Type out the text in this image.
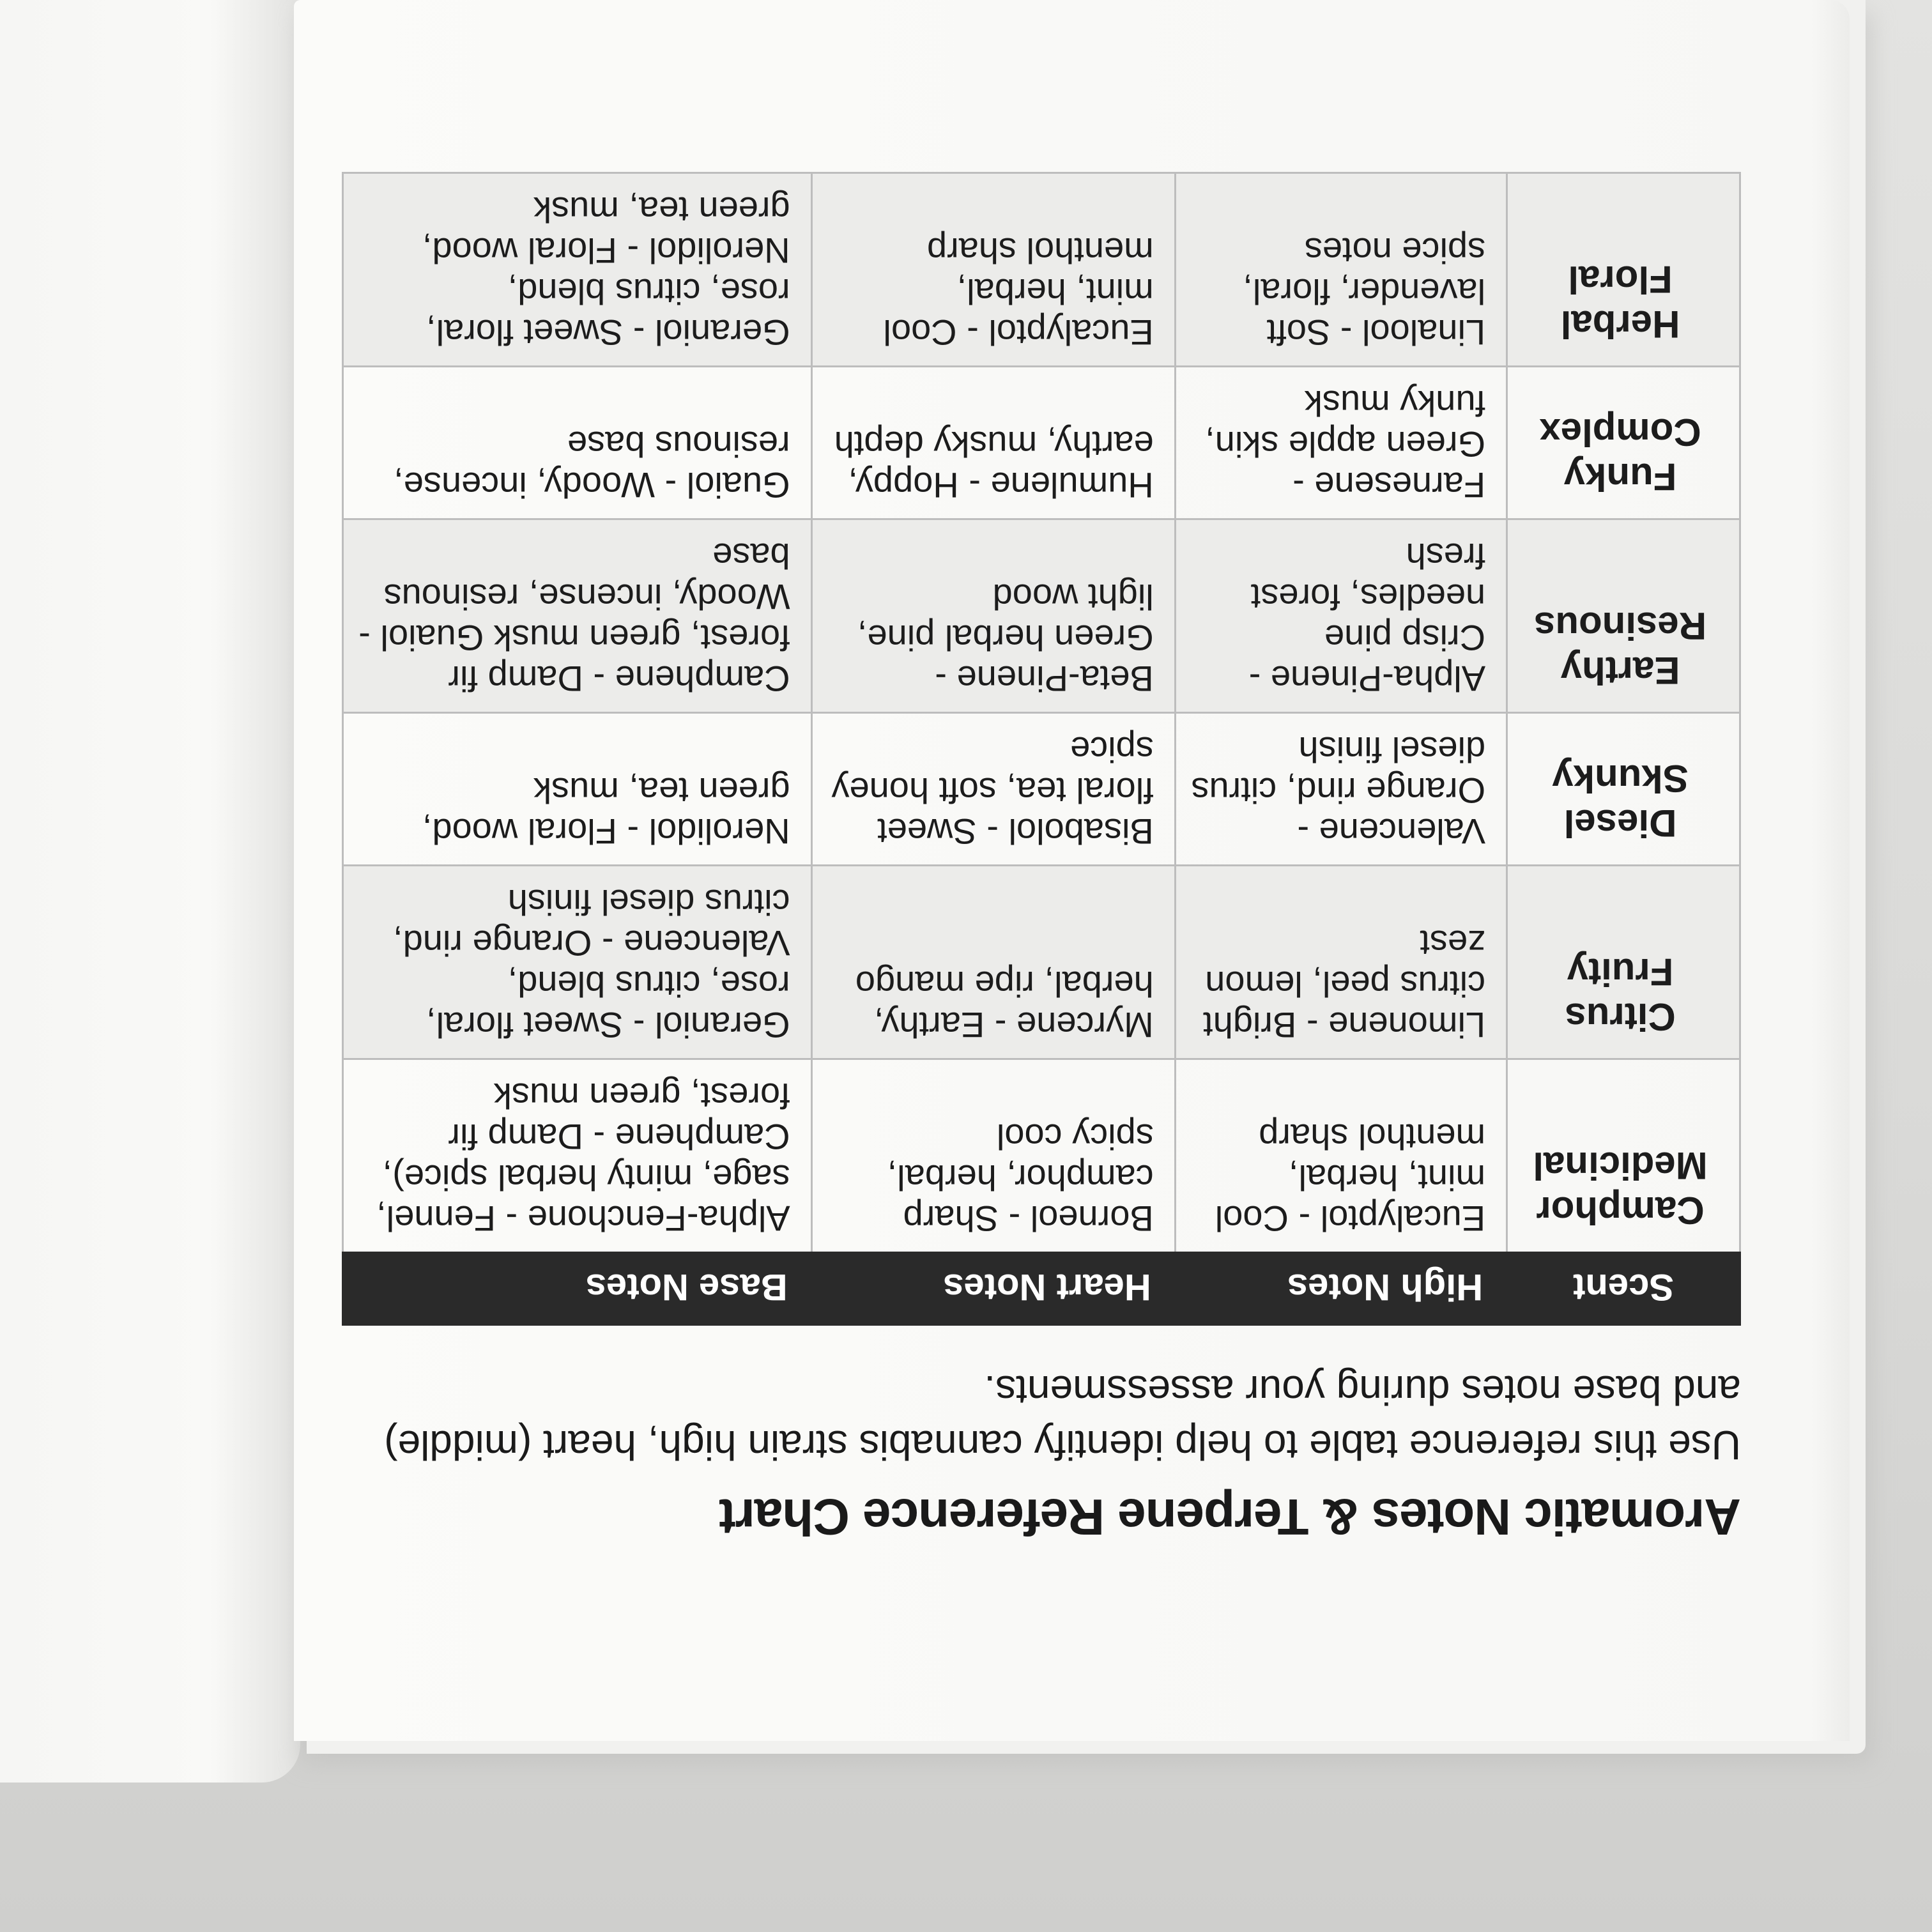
Aromatic Notes & Terpene Reference Chart
Use this reference table to help identify cannabis strain high, heart (middle) and base notes during your assessments.
Scent	High Notes	Heart Notes	Base Notes
Camphor Medicinal	Eucalyptol - Cool mint, herbal, menthol sharp	Borneol - Sharp camphor, herbal, spicy cool	Alpha-Fenchone - Fennel, sage, minty herbal spice), Camphene - Damp fir forest, green musk
Citrus Fruity	Limonene - Bright citrus peel, lemon zest	Myrcene - Earthy, herbal, ripe mango	Geraniol - Sweet floral, rose, citrus blend, Valencene - Orange rind, citrus diesel finish
Diesel Skunky	Valencene - Orange rind, citrus diesel finish	Bisabolol - Sweet floral tea, soft honey spice	Nerolidol - Floral wood, green tea, musk
Earthy Resinous	Alpha-Pinene - Crisp pine needles, forest fresh	Beta-Pinene - Green herbal pine, light wood	Camphene - Damp fir forest, green musk Guaiol - Woody, incense, resinous base
Funky Complex	Farnesene - Green apple skin, funky musk	Humulene - Hoppy, earthy, musky depth	Guaiol - Woody, incense, resinous base
Herbal Floral	Linalool - Soft lavender, floral, spice notes	Eucalyptol - Cool mint, herbal, menthol sharp	Geraniol - Sweet floral, rose, citrus blend, Nerolidol - Floral wood, green tea, musk
